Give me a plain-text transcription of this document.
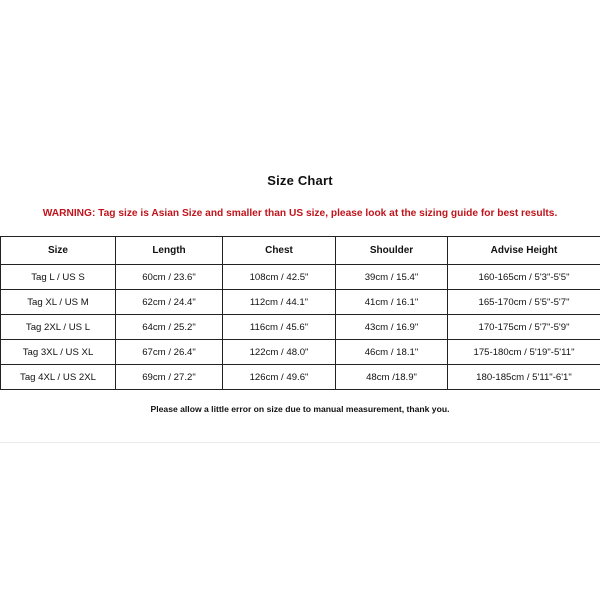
Size Chart
WARNING: Tag size is Asian Size and smaller than US size, please look at the sizing guide for best results.
Size	Length	Chest	Shoulder	Advise Height
Tag L / US S	60cm / 23.6"	108cm / 42.5"	39cm / 15.4"	160-165cm / 5'3"-5'5"
Tag XL / US M	62cm / 24.4"	112cm / 44.1"	41cm / 16.1"	165-170cm / 5'5"-5'7"
Tag 2XL / US L	64cm / 25.2"	116cm / 45.6"	43cm / 16.9"	170-175cm / 5'7"-5'9"
Tag 3XL / US XL	67cm / 26.4"	122cm / 48.0"	46cm / 18.1"	175-180cm / 5'19"-5'11"
Tag 4XL / US 2XL	69cm / 27.2"	126cm / 49.6"	48cm /18.9"	180-185cm / 5'11"-6'1"
Please allow a little error on size due to manual measurement, thank you.
